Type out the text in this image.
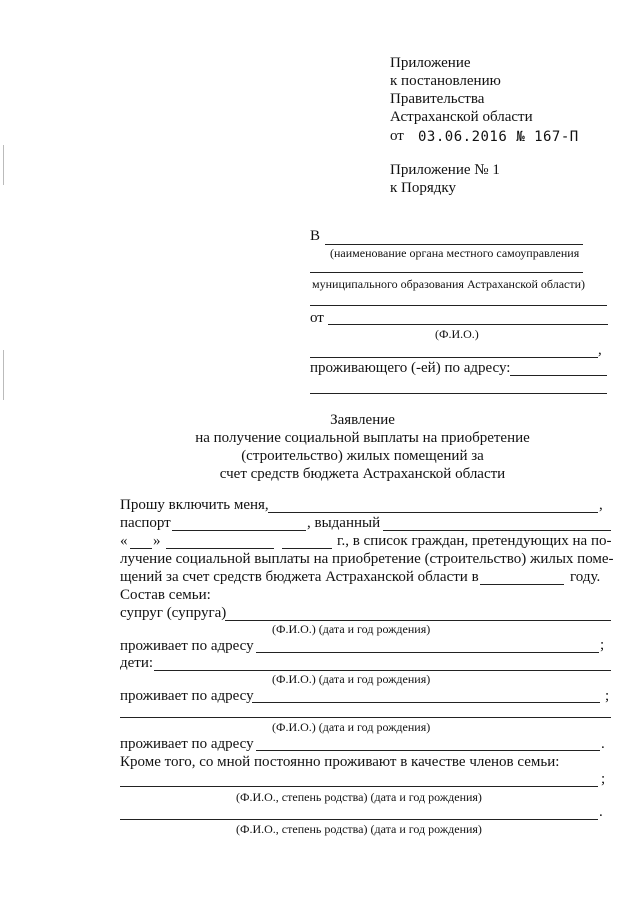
Приложение
к постановлению
Правительства
Астраханской области
от 03.06.2016 № 167-П
Приложение № 1
к Порядку
В
(наименование органа местного самоуправления
муниципального образования Астраханской области)
от
(Ф.И.О.)
,
проживающего (-ей) по адресу:
Заявление
на получение социальной выплаты на приобретение
(строительство) жилых помещений за
счет средств бюджета Астраханской области
Прошу включить меня,	,
паспорт	, выданный
« »	г., в список граждан, претендующих на по-
лучение социальной выплаты на приобретение (строительство) жилых поме-
щений за счет средств бюджета Астраханской области в	году.
Состав семьи:
супруг (супруга)
(Ф.И.О.) (дата и год рождения)
проживает по адресу	;
дети:
(Ф.И.О.) (дата и год рождения)
проживает по адресу	;
(Ф.И.О.) (дата и год рождения)
проживает по адресу	.
Кроме того, со мной постоянно проживают в качестве членов семьи:
;
(Ф.И.О., степень родства) (дата и год рождения)
.
(Ф.И.О., степень родства) (дата и год рождения)
